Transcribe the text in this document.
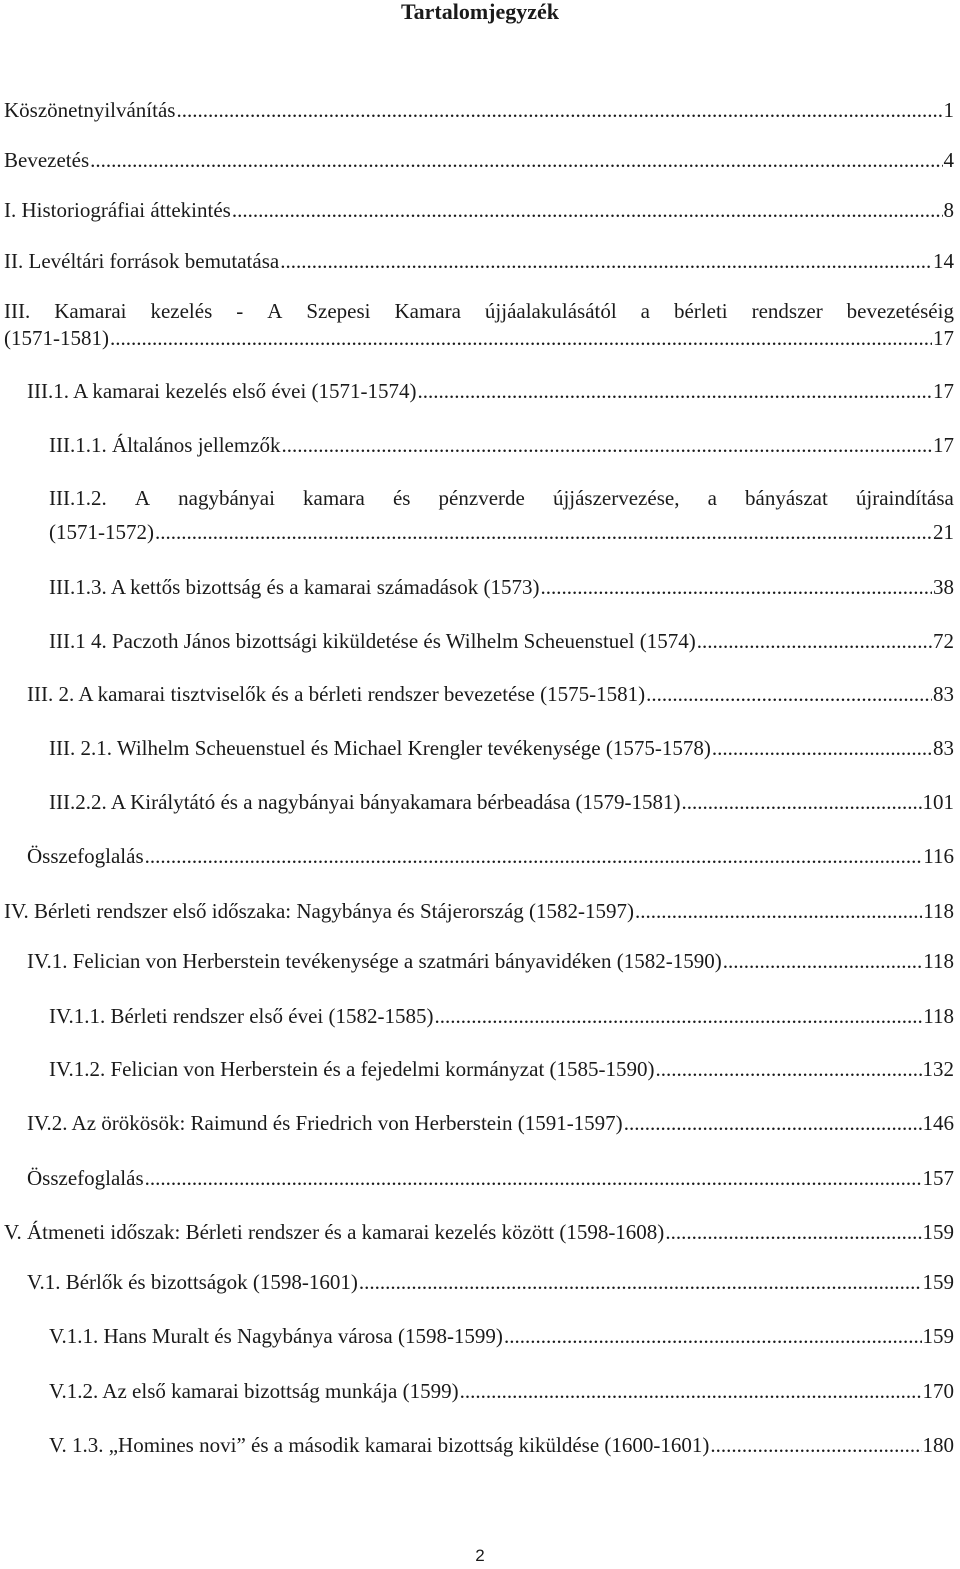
Tartalomjegyzék
Köszönetnyilvánítás .....	1
Bevezetés .....	4
I. Historiográfiai áttekintés .....	8
II. Levéltári források bemutatása .....	14
III. Kamarai kezelés - A Szepesi Kamara újjáalakulásától a bérleti rendszer bevezetéséig
(1571-1581) .....	17
III.1. A kamarai kezelés első évei (1571-1574) .....	17
III.1.1. Általános jellemzők .....	17
III.1.2. A nagybányai kamara és pénzverde újjászervezése, a bányászat újraindítása
(1571-1572) .....	21
III.1.3. A kettős bizottság és a kamarai számadások (1573) .....	38
III.1 4. Paczoth János bizottsági kiküldetése és Wilhelm Scheuenstuel (1574) .....	72
III. 2. A kamarai tisztviselők és a bérleti rendszer bevezetése (1575-1581) .....	83
III. 2.1. Wilhelm Scheuenstuel és Michael Krengler tevékenysége (1575-1578) .....	83
III.2.2. A Királytátó és a nagybányai bányakamara bérbeadása (1579-1581) .....	101
Összefoglalás .....	116
IV. Bérleti rendszer első időszaka: Nagybánya és Stájerország (1582-1597) .....	118
IV.1. Felician von Herberstein tevékenysége a szatmári bányavidéken (1582-1590) .....	118
IV.1.1. Bérleti rendszer első évei (1582-1585) .....	118
IV.1.2. Felician von Herberstein és a fejedelmi kormányzat (1585-1590) .....	132
IV.2. Az örökösök: Raimund és Friedrich von Herberstein (1591-1597) .....	146
Összefoglalás .....	157
V. Átmeneti időszak: Bérleti rendszer és a kamarai kezelés között (1598-1608) .....	159
V.1. Bérlők és bizottságok (1598-1601) .....	159
V.1.1. Hans Muralt és Nagybánya városa (1598-1599) .....	159
V.1.2. Az első kamarai bizottság munkája (1599) .....	170
V. 1.3. „Homines novi” és a második kamarai bizottság kiküldése (1600-1601) .....	180
2
